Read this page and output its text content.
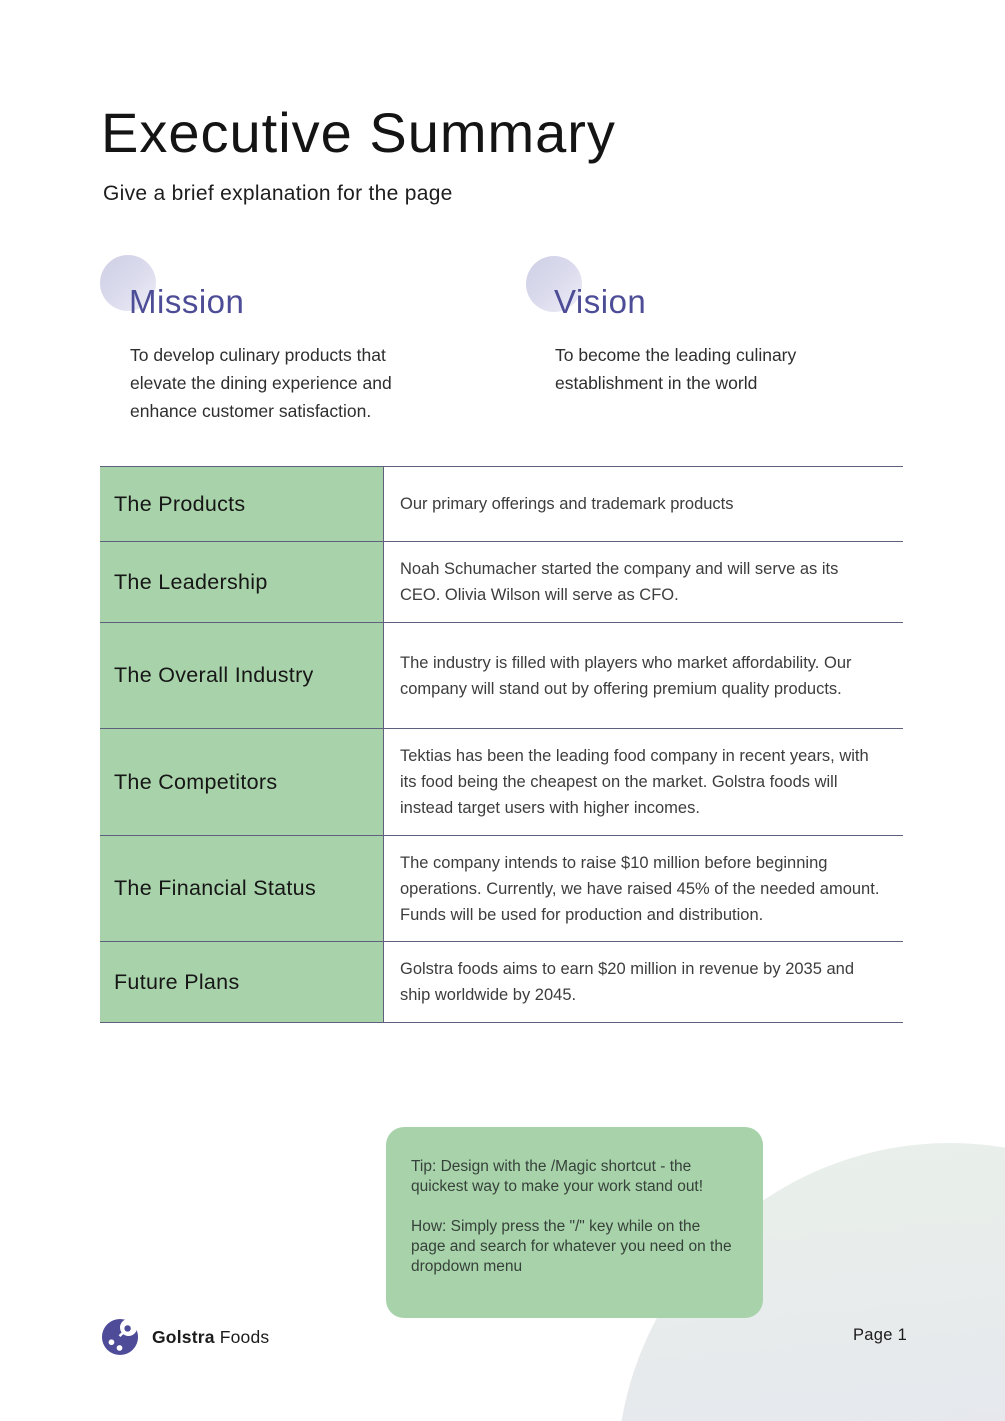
Executive Summary
Give a brief explanation for the page
Mission

To develop culinary products that elevate the dining experience and enhance customer satisfaction.

Vision

To become the leading culinary establishment in the world

The Products	Our primary offerings and trademark products
The Leadership
Noah Schumacher started the company and will serve as its CEO. Olivia Wilson will serve as CFO.
The Overall Industry
The industry is filled with players who market affordability. Our company will stand out by offering premium quality products.
The Competitors
Tektias has been the leading food company in recent years, with its food being the cheapest on the market. Golstra foods will instead target users with higher incomes.
The Financial Status
The company intends to raise $10 million before beginning operations. Currently, we have raised 45% of the needed amount. Funds will be used for production and distribution.
Future Plans
Golstra foods aims to earn $20 million in revenue by 2035 and ship worldwide by 2045.

Tip: Design with the /Magic shortcut - the quickest way to make your work stand out!

How: Simply press the "/" key while on the page and search for whatever you need on the dropdown menu

Golstra Foods	Page 1
